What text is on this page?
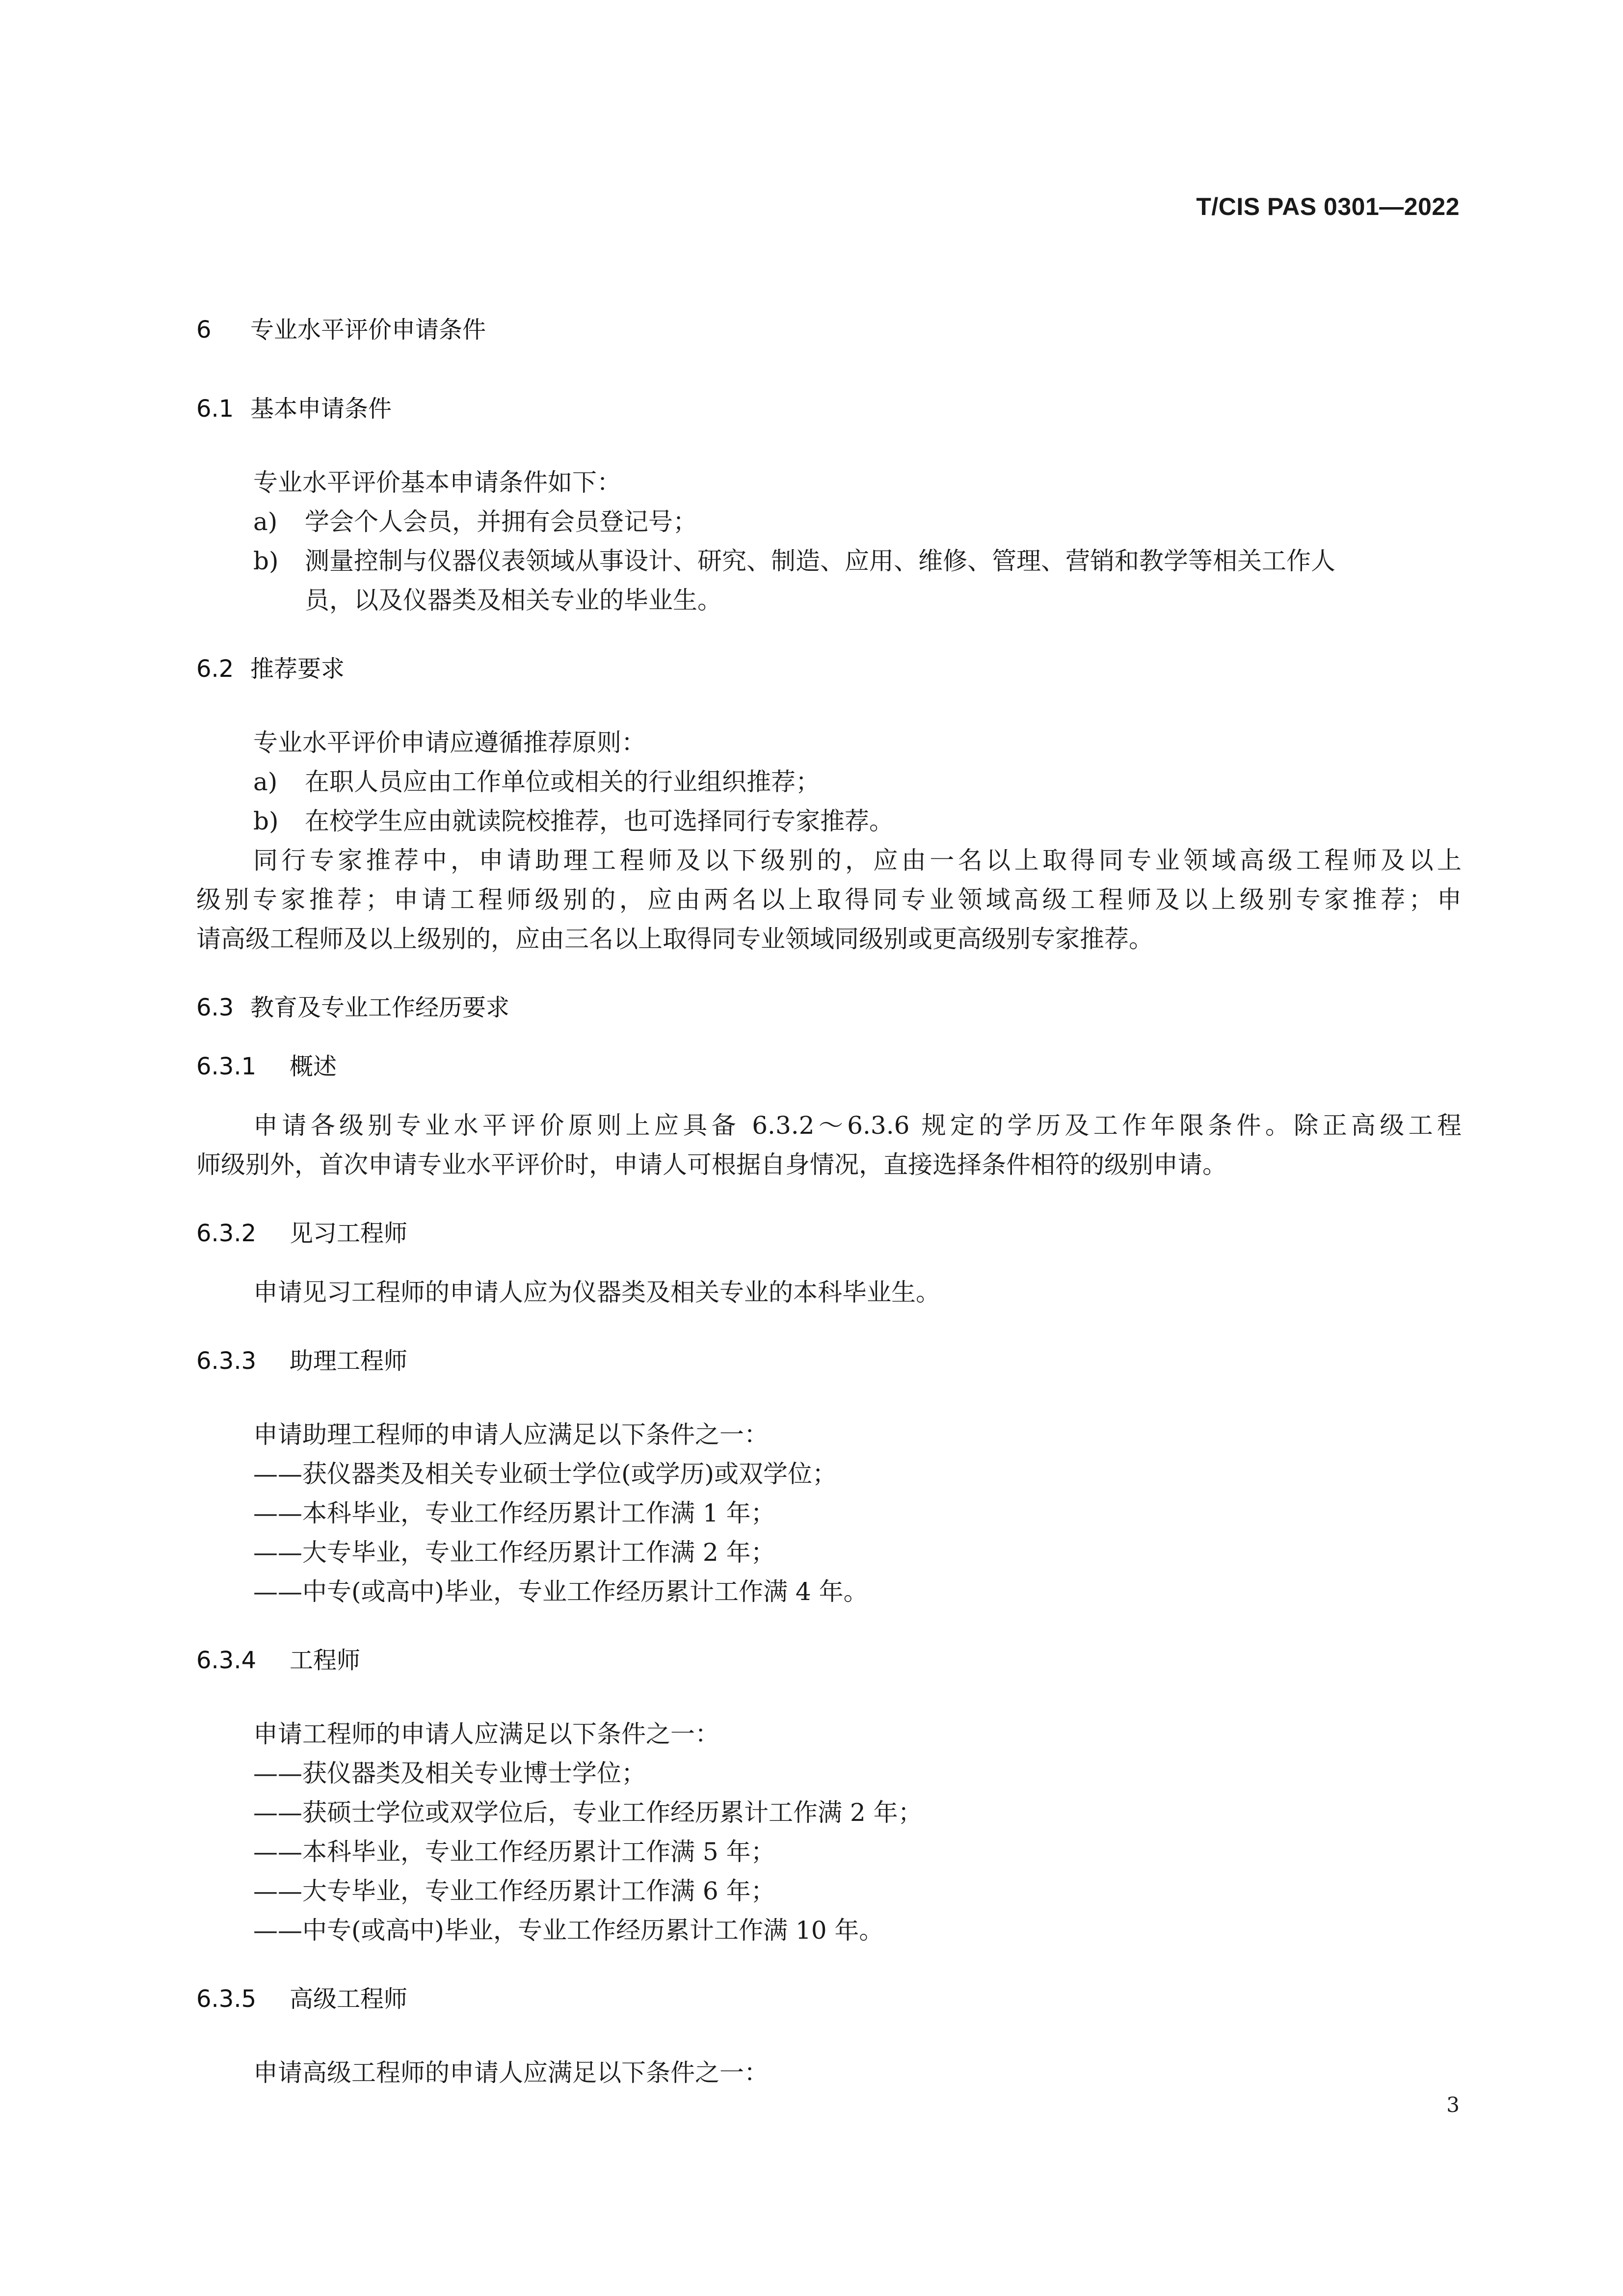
T/CIS PAS 0301—2022
6 专业水平评价申请条件
6.1 基本申请条件
专业水平评价基本申请条件如下：
a) 学会个人会员，并拥有会员登记号；
b) 测量控制与仪器仪表领域从事设计、研究、制造、应用、维修、管理、营销和教学等相关工作人
员，以及仪器类及相关专业的毕业生。
6.2 推荐要求
专业水平评价申请应遵循推荐原则：
a) 在职人员应由工作单位或相关的行业组织推荐；
b) 在校学生应由就读院校推荐，也可选择同行专家推荐。
同行专家推荐中，申请助理工程师及以下级别的，应由一名以上取得同专业领域高级工程师及以上
级别专家推荐；申请工程师级别的，应由两名以上取得同专业领域高级工程师及以上级别专家推荐；申
请高级工程师及以上级别的，应由三名以上取得同专业领域同级别或更高级别专家推荐。
6.3 教育及专业工作经历要求
6.3.1 概述
申请各级别专业水平评价原则上应具备 6.3.2～6.3.6 规定的学历及工作年限条件。除正高级工程
师级别外，首次申请专业水平评价时，申请人可根据自身情况，直接选择条件相符的级别申请。
6.3.2 见习工程师
申请见习工程师的申请人应为仪器类及相关专业的本科毕业生。
6.3.3 助理工程师
申请助理工程师的申请人应满足以下条件之一：
——获仪器类及相关专业硕士学位(或学历)或双学位；
——本科毕业，专业工作经历累计工作满 1 年；
——大专毕业，专业工作经历累计工作满 2 年；
——中专(或高中)毕业，专业工作经历累计工作满 4 年。
6.3.4 工程师
申请工程师的申请人应满足以下条件之一：
——获仪器类及相关专业博士学位；
——获硕士学位或双学位后，专业工作经历累计工作满 2 年；
——本科毕业，专业工作经历累计工作满 5 年；
——大专毕业，专业工作经历累计工作满 6 年；
——中专(或高中)毕业，专业工作经历累计工作满 10 年。
6.3.5 高级工程师
申请高级工程师的申请人应满足以下条件之一：
3
